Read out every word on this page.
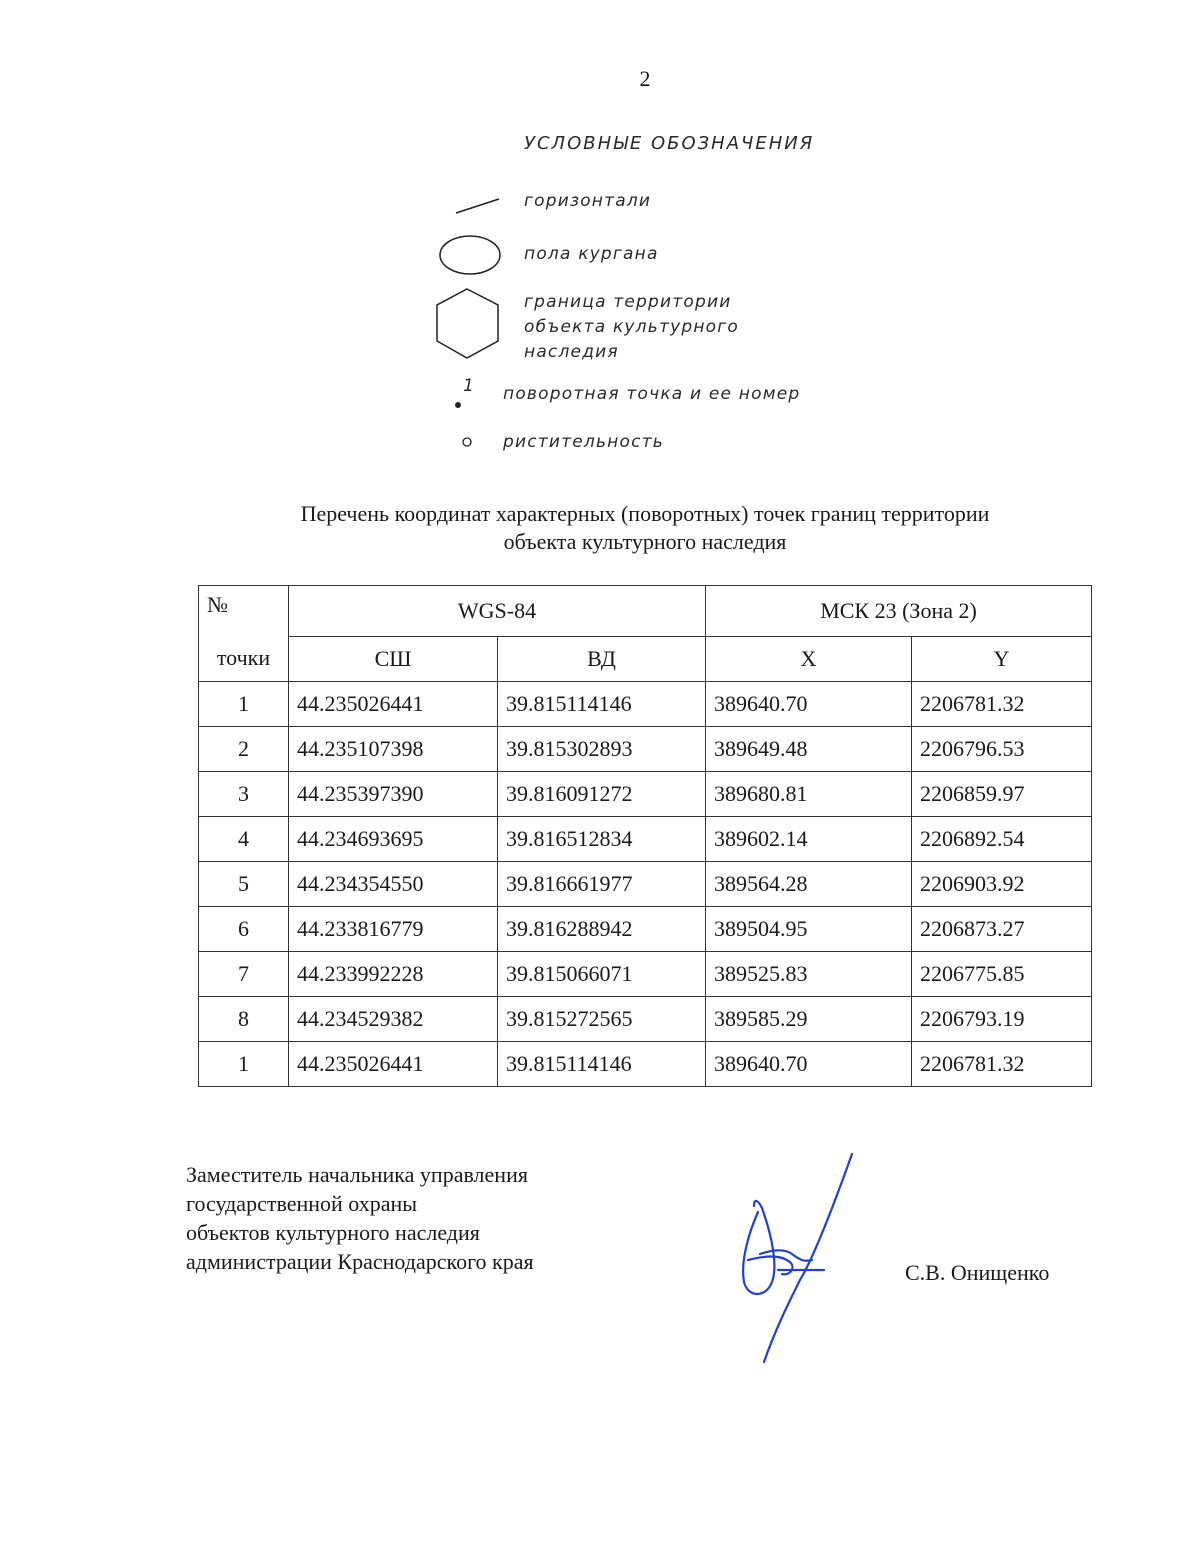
2
УСЛОВНЫЕ ОБОЗНАЧЕНИЯ
горизонтали
пола кургана
граница территории
объекта культурного
наследия
1 поворотная точка и ее номер
ристительность
Перечень координат характерных (поворотных) точек границ территории
объекта культурного наследия
№	WGS-84		МСК 23 (Зона 2)	
точки	СШ	ВД	X	Y
1	44.235026441	39.815114146	389640.70	2206781.32
2	44.235107398	39.815302893	389649.48	2206796.53
3	44.235397390	39.816091272	389680.81	2206859.97
4	44.234693695	39.816512834	389602.14	2206892.54
5	44.234354550	39.816661977	389564.28	2206903.92
6	44.233816779	39.816288942	389504.95	2206873.27
7	44.233992228	39.815066071	389525.83	2206775.85
8	44.234529382	39.815272565	389585.29	2206793.19
1	44.235026441	39.815114146	389640.70	2206781.32
Заместитель начальника управления
государственной охраны
объектов культурного наследия
администрации Краснодарского края	С.В. Онищенко
